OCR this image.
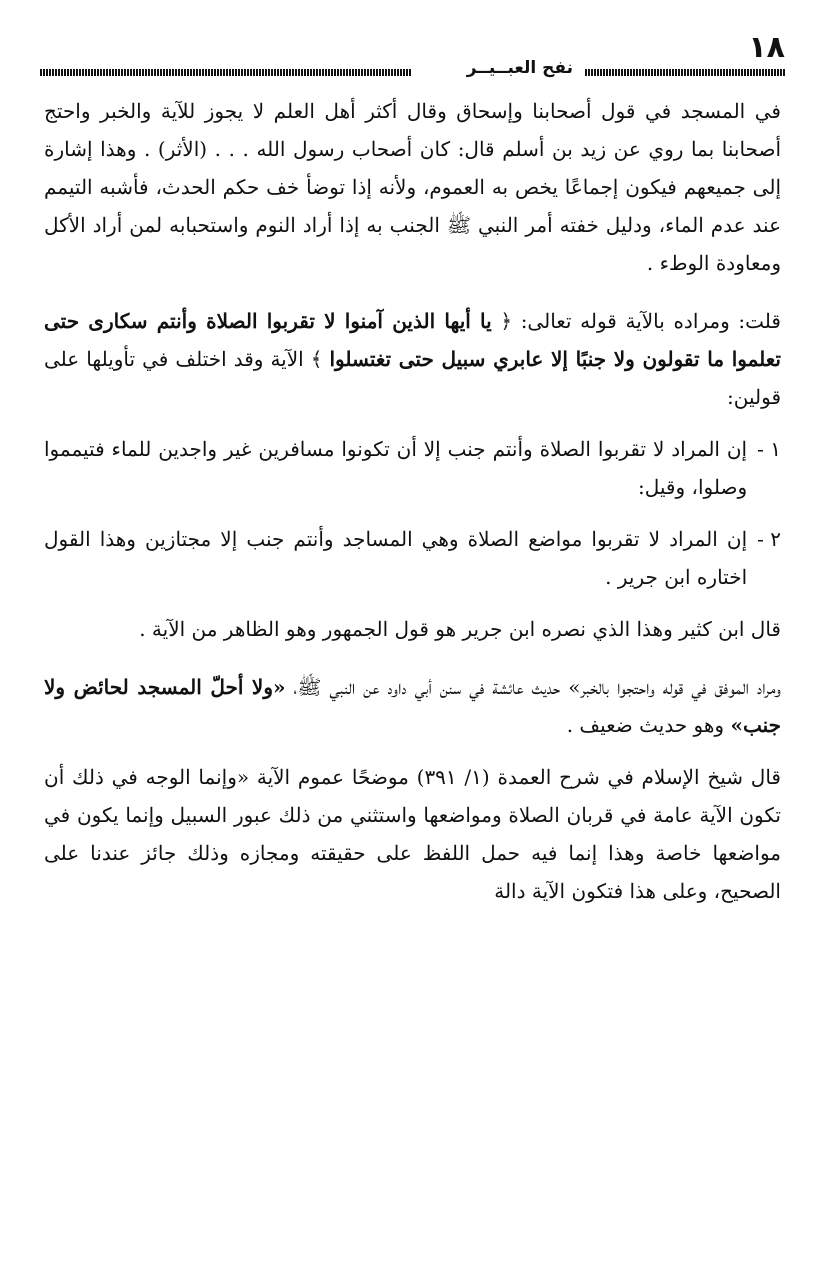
١٨
نفح العبــيــر

في المسجد في قول أصحابنا وإسحاق وقال أكثر أهل العلم لا يجوز للآية والخبر واحتج أصحابنا بما روي عن زيد بن أسلم قال: كان أصحاب رسول الله . . . (الأثر) . وهذا إشارة إلى جميعهم فيكون إجماعًا يخص به العموم، ولأنه إذا توضأ خف حكم الحدث، فأشبه التيمم عند عدم الماء، ودليل خفته أمر النبي ﷺ الجنب به إذا أراد النوم واستحبابه لمن أراد الأكل ومعاودة الوطء .

قلت: ومراده بالآية قوله تعالى: ﴿ يا أيها الذين آمنوا لا تقربوا الصلاة وأنتم سكارى حتى تعلموا ما تقولون ولا جنبًا إلا عابري سبيل حتى تغتسلوا ﴾ الآية وقد اختلف في تأويلها على قولين:

١ -
إن المراد لا تقربوا الصلاة وأنتم جنب إلا أن تكونوا مسافرين غير واجدين للماء فتيمموا وصلوا، وقيل:
٢ -
إن المراد لا تقربوا مواضع الصلاة وهي المساجد وأنتم جنب إلا مجتازين وهذا القول اختاره ابن جرير .

قال ابن كثير وهذا الذي نصره ابن جرير هو قول الجمهور وهو الظاهر من الآية .

ومراد الموفق في قوله واحتجوا بالخبر» حديث عائشة في سنن أبي داود عن النبي ﷺ، «ولا أحلّ المسجد لحائض ولا جنب» وهو حديث ضعيف .

قال شيخ الإسلام في شرح العمدة (١/ ٣٩١) موضحًا عموم الآية «وإنما الوجه في ذلك أن تكون الآية عامة في قربان الصلاة ومواضعها واستثني من ذلك عبور السبيل وإنما يكون في مواضعها خاصة وهذا إنما فيه حمل اللفظ على حقيقته ومجازه وذلك جائز عندنا على الصحيح، وعلى هذا فتكون الآية دالة
